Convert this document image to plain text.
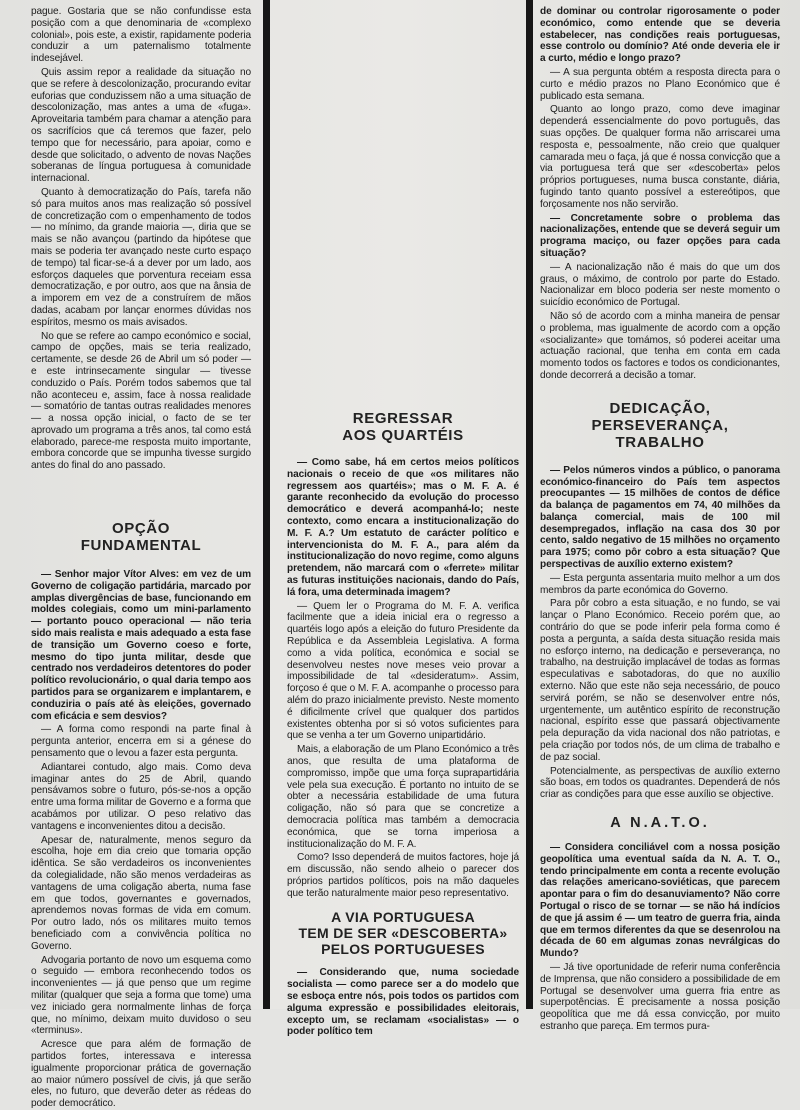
pague. Gostaria que se não confundisse esta posição com a que denominaria de «complexo colonial», pois este, a existir, rapidamente poderia conduzir a um paternalismo totalmente indesejável.

Quis assim repor a realidade da situação no que se refere à descolonização, procurando evitar euforias que conduzissem não a uma situação de descolonização, mas antes a uma de «fuga». Aproveitaria também para chamar a atenção para os sacrifícios que cá teremos que fazer, pelo tempo que for necessário, para apoiar, como e desde que solicitado, o advento de novas Nações soberanas de língua portuguesa à comunidade internacional.

Quanto à democratização do País, tarefa não só para muitos anos mas realização só possível de concretização com o empenhamento de todos — no mínimo, da grande maioria —, diria que se mais se não avançou (partindo da hipótese que mais se poderia ter avançado neste curto espaço de tempo) tal ficar-se-á a dever por um lado, aos esforços daqueles que porventura receiam essa democratização, e por outro, aos que na ânsia de a imporem em vez de a construírem de mãos dadas, acabam por lançar enormes dúvidas nos espíritos, mesmo os mais avisados.

No que se refere ao campo económico e social, campo de opções, mais se teria realizado, certamente, se desde 26 de Abril um só poder — e este intrinsecamente singular — tivesse conduzido o País. Porém todos sabemos que tal não aconteceu e, assim, face à nossa realidade — somatório de tantas outras realidades menores — a nossa opção inicial, o facto de se ter aprovado um programa a três anos, tal como está elaborado, parece-me resposta muito importante, embora concorde que se impunha tivesse surgido antes do final do ano passado.

OPÇÃO
FUNDAMENTAL

— Senhor major Vítor Alves: em vez de um Governo de coligação partidária, marcado por amplas divergências de base, funcionando em moldes colegiais, como um mini-parlamento — portanto pouco operacional — não teria sido mais realista e mais adequado a esta fase de transição um Governo coeso e forte, mesmo do tipo junta militar, desde que centrado nos verdadeiros detentores do poder político revolucionário, o qual daria tempo aos partidos para se organizarem e implantarem, e conduziria o país até às eleições, governado com eficácia e sem desvios?

— A forma como respondi na parte final à pergunta anterior, encerra em si a génese do pensamento que o levou a fazer esta pergunta.

Adiantarei contudo, algo mais. Como deva imaginar antes do 25 de Abril, quando pensávamos sobre o futuro, pós-se-nos a opção entre uma forma militar de Governo e a forma que acabámos por utilizar. O peso relativo das vantagens e inconvenientes ditou a decisão.

Apesar de, naturalmente, menos seguro da escolha, hoje em dia creio que tomaria opção idêntica. Se são verdadeiros os inconvenientes da colegialidade, não são menos verdadeiras as vantagens de uma coligação aberta, numa fase em que todos, governantes e governados, aprendemos novas formas de vida em comum. Por outro lado, nós os militares muito temos beneficiado com a convivência política no Governo.

Advogaria portanto de novo um esquema como o seguido — embora reconhecendo todos os inconvenientes — já que penso que um regime militar (qualquer que seja a forma que tome) uma vez iniciado gera normalmente linhas de força que, no mínimo, deixam muito duvidoso o seu «terminus».

Acresce que para além de formação de partidos fortes, interessava e interessa igualmente proporcionar prática de governação ao maior número possível de civis, já que serão eles, no futuro, que deverão deter as rédeas do poder democrático.

REGRESSAR
AOS QUARTÉIS

— Como sabe, há em certos meios políticos nacionais o receio de que «os militares não regressem aos quartéis»; mas o M. F. A. é garante reconhecido da evolução do processo democrático e deverá acompanhá-lo; neste contexto, como encara a institucionalização do M. F. A.? Um estatuto de carácter político e intervencionista do M. F. A., para além da institucionalização do novo regime, como alguns pretendem, não marcará com o «ferrete» militar as futuras instituições nacionais, dando do País, lá fora, uma determinada imagem?

— Quem ler o Programa do M. F. A. verifica facilmente que a ideia inicial era o regresso a quartéis logo após a eleição do futuro Presidente da República e da Assembleia Legislativa. A forma como a vida política, económica e social se desenvolveu nestes nove meses veio provar a impossibilidade de tal «desideratum». Assim, forçoso é que o M. F. A. acompanhe o processo para além do prazo inicialmente previsto. Neste momento é dificilmente crível que qualquer dos partidos existentes obtenha por si só votos suficientes para que se venha a ter um Governo unipartidário.

Mais, a elaboração de um Plano Económico a três anos, que resulta de uma plataforma de compromisso, impõe que uma força suprapartidária vele pela sua execução. É portanto no intuito de se obter a necessária estabilidade de uma futura coligação, não só para que se concretize a democracia política mas também a democracia económica, que se torna imperiosa a institucionalização do M. F. A.

Como? Isso dependerá de muitos factores, hoje já em discussão, não sendo alheio o parecer dos próprios partidos políticos, pois na mão daqueles que terão naturalmente maior peso representativo.

A VIA PORTUGUESA
TEM DE SER «DESCOBERTA»
PELOS PORTUGUESES

— Considerando que, numa sociedade socialista — como parece ser a do modelo que se esboça entre nós, pois todos os partidos com alguma expressão e possibilidades eleitorais, excepto um, se reclamam «socialistas» — o poder político tem

de dominar ou controlar rigorosamente o poder económico, como entende que se deveria estabelecer, nas condições reais portuguesas, esse controlo ou domínio? Até onde deveria ele ir a curto, médio e longo prazo?

— A sua pergunta obtém a resposta directa para o curto e médio prazos no Plano Económico que é publicado esta semana.

Quanto ao longo prazo, como deve imaginar dependerá essencialmente do povo português, das suas opções. De qualquer forma não arriscarei uma resposta e, pessoalmente, não creio que qualquer camarada meu o faça, já que é nossa convicção que a via portuguesa terá que ser «descoberta» pelos próprios portugueses, numa busca constante, diária, fugindo tanto quanto possível a estereótipos, que forçosamente nos não servirão.

— Concretamente sobre o problema das nacionalizações, entende que se deverá seguir um programa maciço, ou fazer opções para cada situação?

— A nacionalização não é mais do que um dos graus, o máximo, de controlo por parte do Estado. Nacionalizar em bloco poderia ser neste momento o suicídio económico de Portugal.

Não só de acordo com a minha maneira de pensar o problema, mas igualmente de acordo com a opção «socializante» que tomámos, só poderei aceitar uma actuação racional, que tenha em conta em cada momento todos os factores e todos os condicionantes, donde decorrerá a decisão a tomar.

DEDICAÇÃO,
PERSEVERANÇA,
TRABALHO

— Pelos números vindos a público, o panorama económico-financeiro do País tem aspectos preocupantes — 15 milhões de contos de défice da balança de pagamentos em 74, 40 milhões da balança comercial, mais de 100 mil desempregados, inflação na casa dos 30 por cento, saldo negativo de 15 milhões no orçamento para 1975; como pôr cobro a esta situação? Que perspectivas de auxílio externo existem?

— Esta pergunta assentaria muito melhor a um dos membros da parte económica do Governo.

Para pôr cobro a esta situação, e no fundo, se vai lançar o Plano Económico. Receio porém que, ao contrário do que se pode inferir pela forma como é posta a pergunta, a saída desta situação resida mais no esforço interno, na dedicação e perseverança, no trabalho, na destruição implacável de todas as formas especulativas e sabotadoras, do que no auxílio externo. Não que este não seja necessário, de pouco servirá porém, se não se desenvolver entre nós, urgentemente, um autêntico espírito de reconstrução nacional, espírito esse que passará objectivamente pela depuração da vida nacional dos não patriotas, e pela criação por todos nós, de um clima de trabalho e de paz social.

Potencialmente, as perspectivas de auxílio externo são boas, em todos os quadrantes. Dependerá de nós criar as condições para que esse auxílio se objective.

A N.A.T.O.

— Considera conciliável com a nossa posição geopolítica uma eventual saída da N. A. T. O., tendo principalmente em conta a recente evolução das relações americano-soviéticas, que parecem apontar para o fim do desanuviamento? Não corre Portugal o risco de se tornar — se não há indícios de que já assim é — um teatro de guerra fria, ainda que em termos diferentes da que se desenrolou na década de 60 em algumas zonas nevrálgicas do Mundo?

— Já tive oportunidade de referir numa conferência de Imprensa, que não considero a possibilidade de em Portugal se desenvolver uma guerra fria entre as superpotências. É precisamente a nossa posição geopolítica que me dá essa convicção, por muito estranho que pareça. Em termos pura-
